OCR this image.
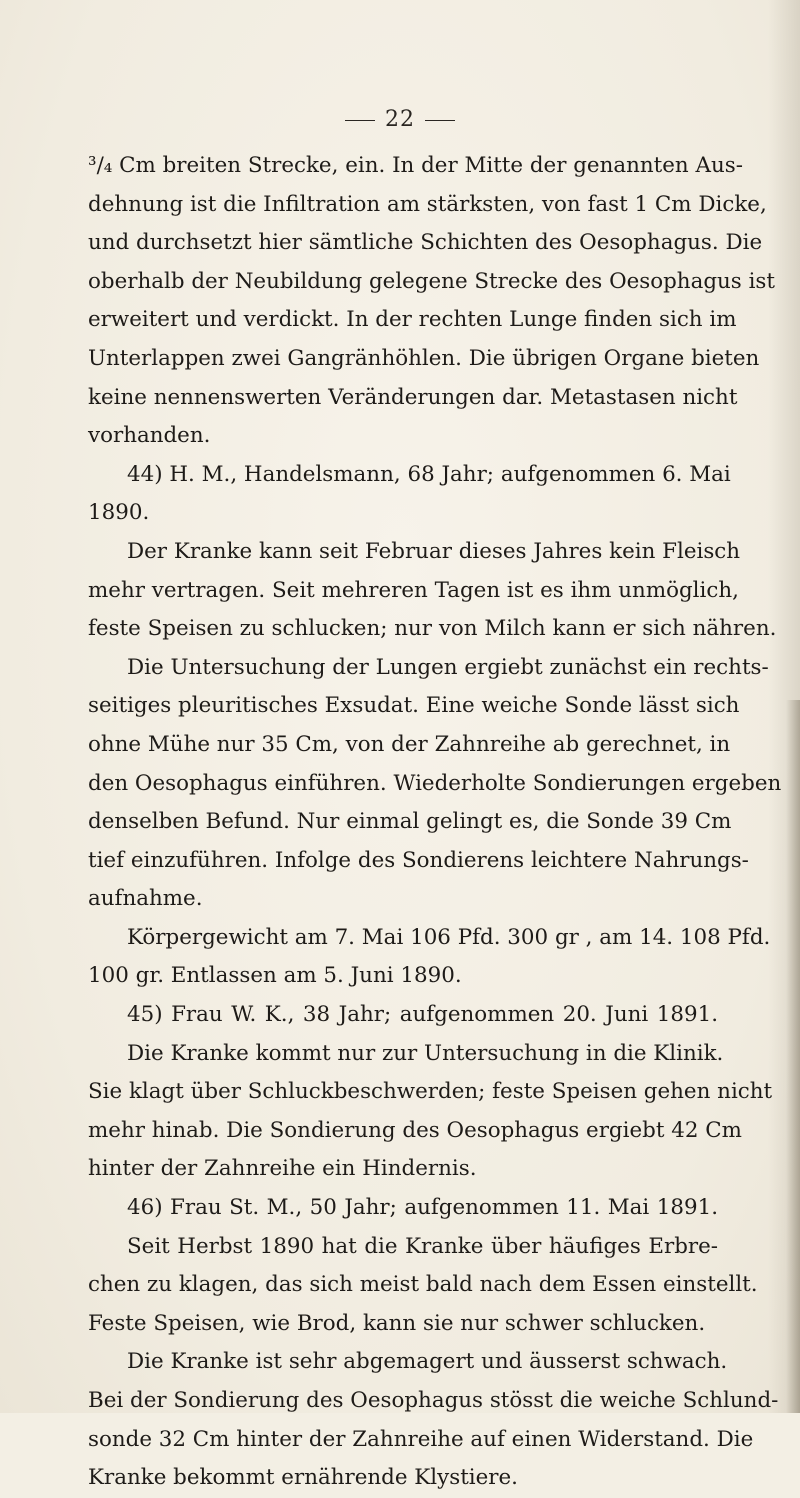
22
⁠³/₄ Cm breiten Strecke, ein. In der Mitte der genannten Aus-
dehnung ist die Infiltration am stärksten, von fast 1 Cm Dicke,
und durchsetzt hier sämtliche Schichten des Oesophagus. Die
oberhalb der Neubildung gelegene Strecke des Oesophagus ist
erweitert und verdickt. In der rechten Lunge finden sich im
Unterlappen zwei Gangränhöhlen. Die übrigen Organe bieten
keine nennenswerten Veränderungen dar. Metastasen nicht
vorhanden.
44) H. M., Handelsmann, 68 Jahr; aufgenommen 6. Mai
1890.
Der Kranke kann seit Februar dieses Jahres kein Fleisch
mehr vertragen. Seit mehreren Tagen ist es ihm unmöglich,
feste Speisen zu schlucken; nur von Milch kann er sich nähren.
Die Untersuchung der Lungen ergiebt zunächst ein rechts-
seitiges pleuritisches Exsudat. Eine weiche Sonde lässt sich
ohne Mühe nur 35 Cm, von der Zahnreihe ab gerechnet, in
den Oesophagus einführen. Wiederholte Sondierungen ergeben
denselben Befund. Nur einmal gelingt es, die Sonde 39 Cm
tief einzuführen. Infolge des Sondierens leichtere Nahrungs-
aufnahme.
Körpergewicht am 7. Mai 106 Pfd. 300 gr , am 14. 108 Pfd.
100 gr. Entlassen am 5. Juni 1890.
45) Frau W. K., 38 Jahr; aufgenommen 20. Juni 1891.
Die Kranke kommt nur zur Untersuchung in die Klinik.
Sie klagt über Schluckbeschwerden; feste Speisen gehen nicht
mehr hinab. Die Sondierung des Oesophagus ergiebt 42 Cm
hinter der Zahnreihe ein Hindernis.
46) Frau St. M., 50 Jahr; aufgenommen 11. Mai 1891.
Seit Herbst 1890 hat die Kranke über häufiges Erbre-
chen zu klagen, das sich meist bald nach dem Essen einstellt.
Feste Speisen, wie Brod, kann sie nur schwer schlucken.
Die Kranke ist sehr abgemagert und äusserst schwach.
Bei der Sondierung des Oesophagus stösst die weiche Schlund-
sonde 32 Cm hinter der Zahnreihe auf einen Widerstand. Die
Kranke bekommt ernährende Klystiere.
